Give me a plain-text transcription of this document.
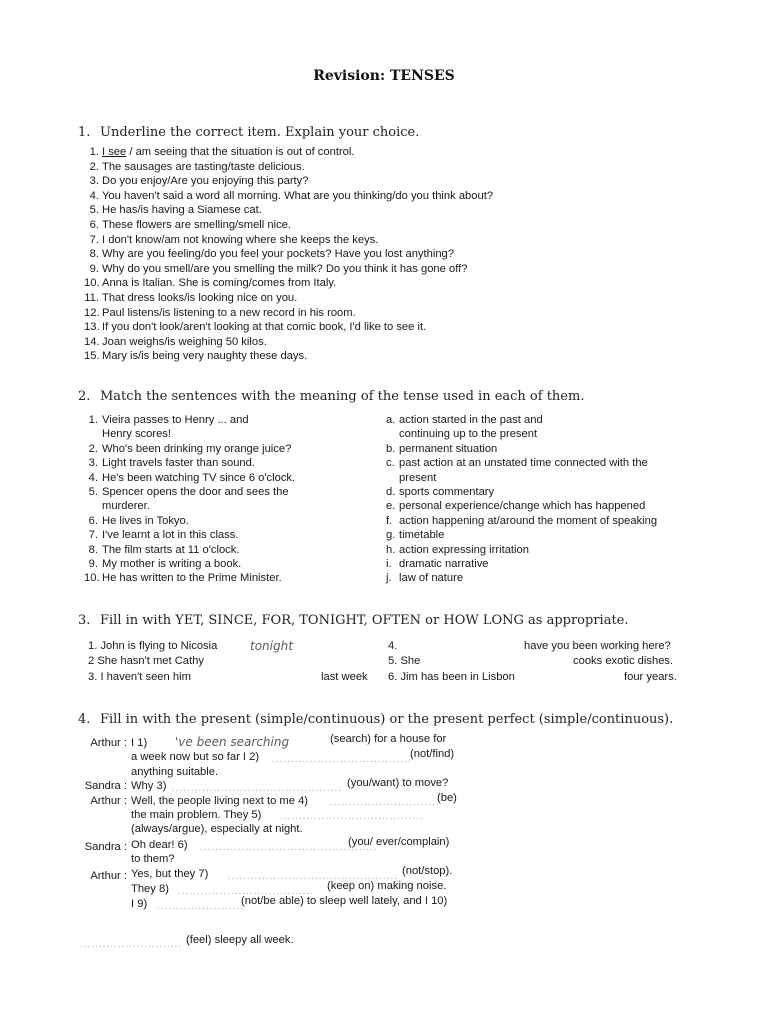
Revision: TENSES
1. Underline the correct item. Explain your choice.
1. I see / am seeing that the situation is out of control.
2. The sausages are tasting/taste delicious.
3. Do you enjoy/Are you enjoying this party?
4. You haven't said a word all morning. What are you thinking/do you think about?
5. He has/is having a Siamese cat.
6. These flowers are smelling/smell nice.
7. I don't know/am not knowing where she keeps the keys.
8. Why are you feeling/do you feel your pockets? Have you lost anything?
9. Why do you smell/are you smelling the milk? Do you think it has gone off?
10. Anna is Italian. She is coming/comes from Italy.
11. That dress looks/is looking nice on you.
12. Paul listens/is listening to a new record in his room.
13. If you don't look/aren't looking at that comic book, I'd like to see it.
14. Joan weighs/is weighing 50 kilos.
15. Mary is/is being very naughty these days.
2. Match the sentences with the meaning of the tense used in each of them.
1. Vieira passes to Henry ... and
Henry scores!
2. Who's been drinking my orange juice?
3. Light travels faster than sound.
4. He's been watching TV since 6 o'clock.
5. Spencer opens the door and sees the
murderer.
6. He lives in Tokyo.
7. I've learnt a lot in this class.
8. The film starts at 11 o'clock.
9. My mother is writing a book.
10. He has written to the Prime Minister.
a. action started in the past and
continuing up to the present
b. permanent situation
c. past action at an unstated time connected with the
present
d. sports commentary
e. personal experience/change which has happened
f. action happening at/around the moment of speaking
g. timetable
h. action expressing irritation
i. dramatic narrative
j. law of nature
3. Fill in with YET, SINCE, FOR, TONIGHT, OFTEN or HOW LONG as appropriate.
1. John is flying to Nicosia	tonight	4.	have you been working here?
2 She hasn't met Cathy	5. She	cooks exotic dishes.
3. I haven't seen him	last week 6. Jim has been in Lisbon	four years.
4. Fill in with the present (simple/continuous) or the present perfect (simple/continuous).
Arthur : I 1) 've been searching	(search) for a house for
a week now but so far I 2) .....................................
(not/find)
anything suitable.
Sandra : Why 3) ............................................. (you/want) to move?
Arthur : Well, the people living next to me 4) .............................
(be)
the main problem. They 5) ......................................
(always/argue), especially at night.
Sandra : Oh dear! 6) ...............................................
(you/ ever/complain)
to them?
Arthur : Yes, but they 7) ............................................. (not/stop).
They 8) .................................... (keep on) making noise.
I 9) .......................
(not/be able) to sleep well lately, and I 10)
........................... (feel) sleepy all week.
